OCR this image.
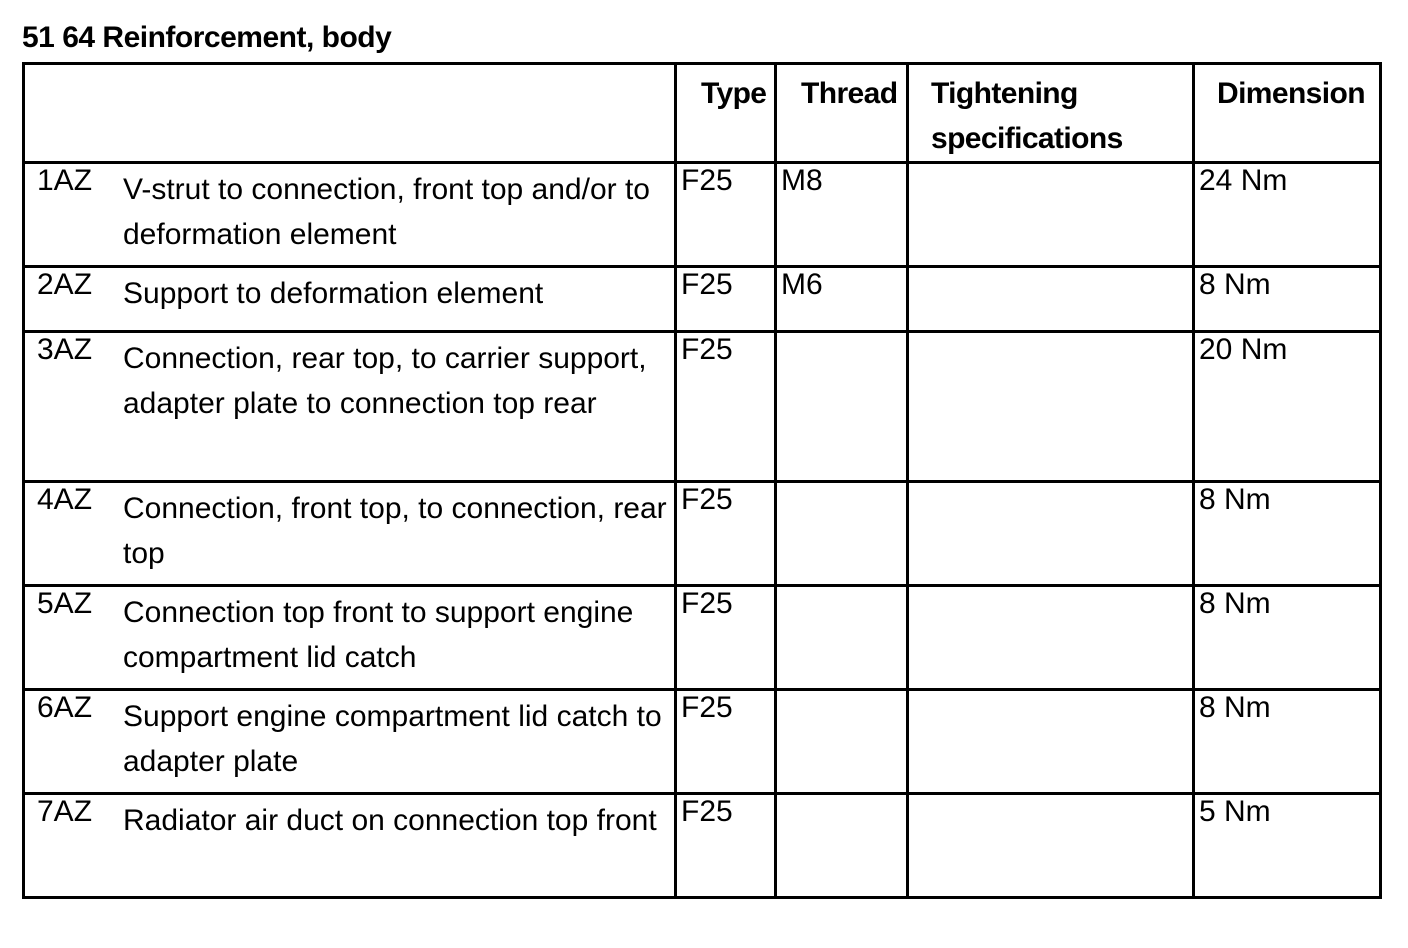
51 64 Reinforcement, body

	Type	Thread	Tightening specifications	Dimension

1AZ V-strut to connection, front top and/or to deformation element	F25	M8		24 Nm

2AZ Support to deformation element	F25	M6		8 Nm

3AZ Connection, rear top, to carrier support, adapter plate to connection top rear	F25			20 Nm

4AZ Connection, front top, to connection, rear top	F25			8 Nm

5AZ Connection top front to support engine compartment lid catch	F25			8 Nm

6AZ Support engine compartment lid catch to adapter plate	F25			8 Nm

7AZ Radiator air duct on connection top front	F25			5 Nm
